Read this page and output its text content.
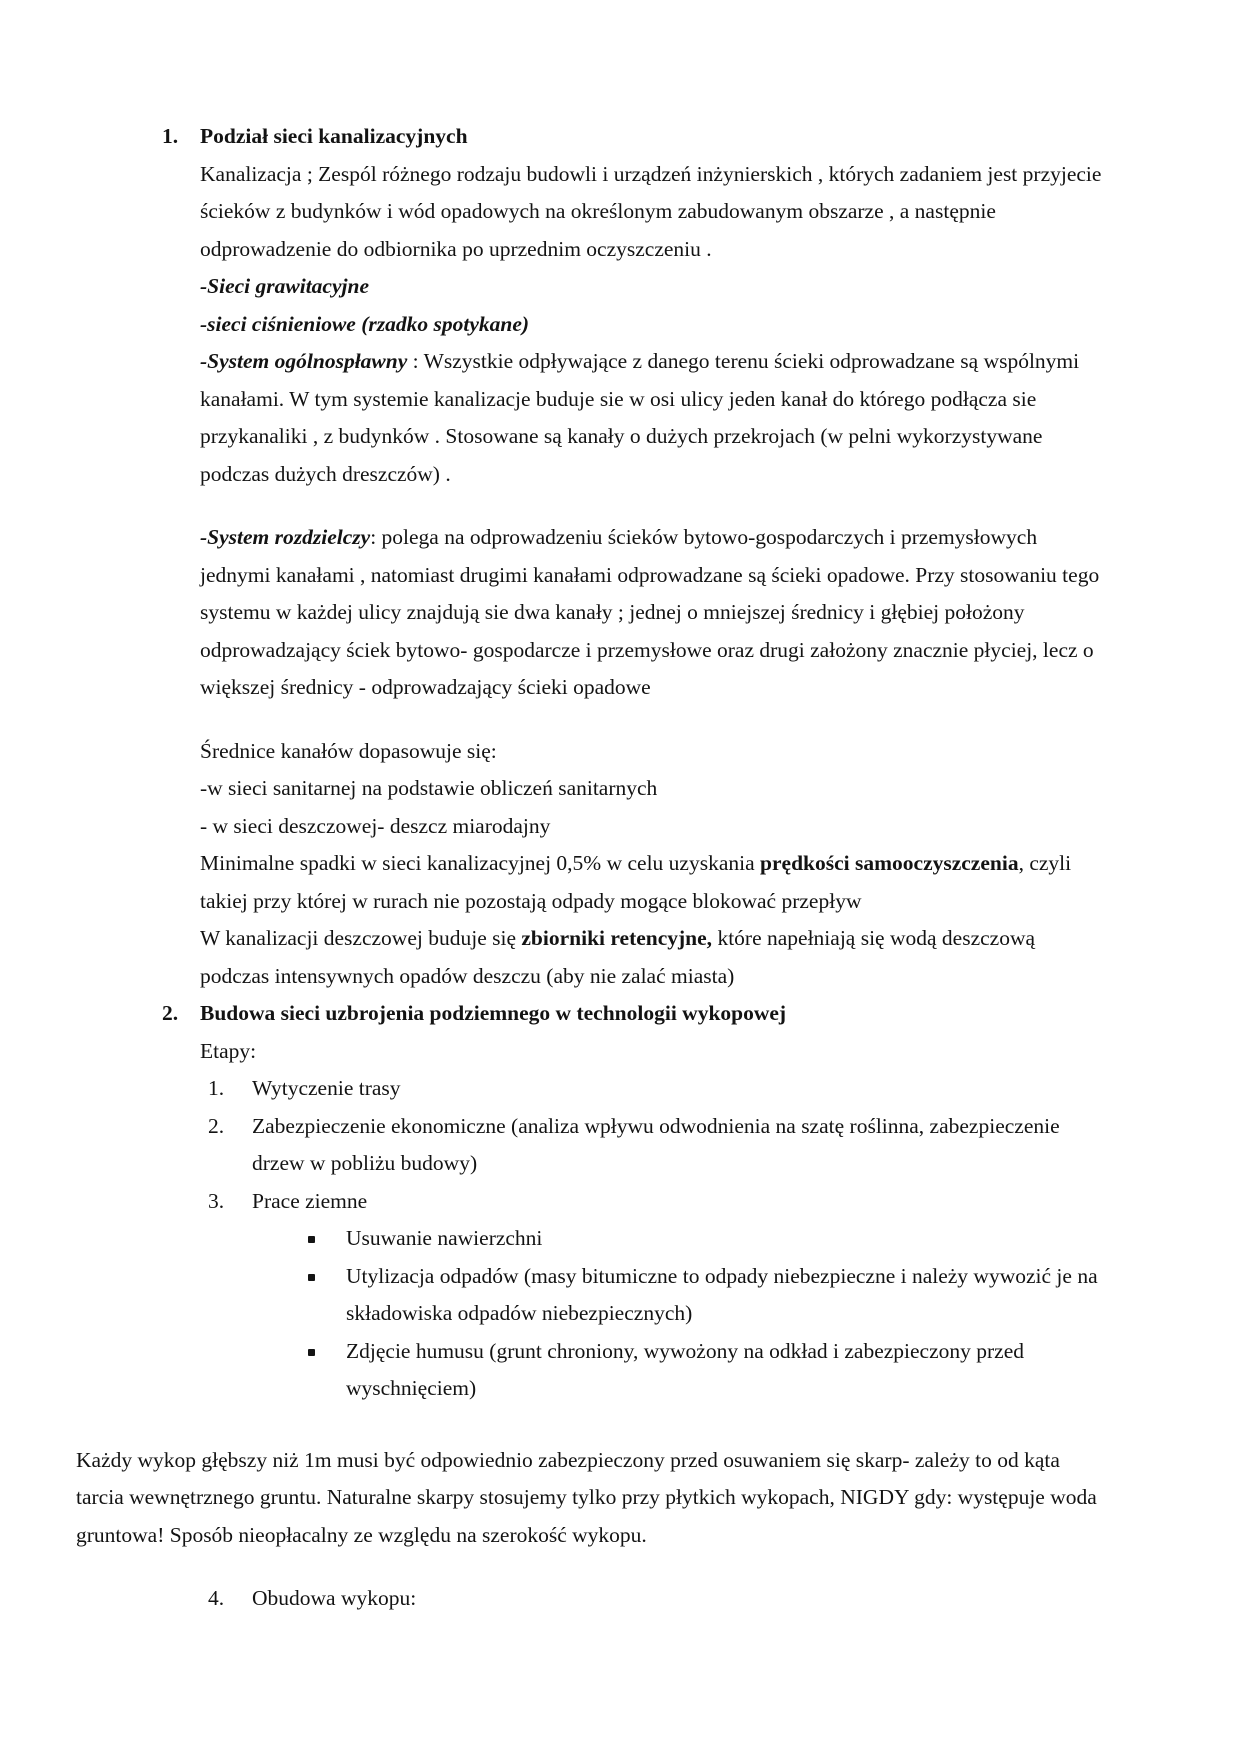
1. Podział sieci kanalizacyjnych

Kanalizacja ; Zespól różnego rodzaju budowli i urządzeń inżynierskich , których zadaniem jest przyjecie ścieków z budynków i wód opadowych na określonym zabudowanym obszarze , a następnie odprowadzenie do odbiornika po uprzednim oczyszczeniu .

-Sieci grawitacyjne

-sieci ciśnieniowe (rzadko spotykane)

-System ogólnospławny : Wszystkie odpływające z danego terenu ścieki odprowadzane są wspólnymi kanałami. W tym systemie kanalizacje buduje sie w osi ulicy jeden kanał do którego podłącza sie przykanaliki , z budynków . Stosowane są kanały o dużych przekrojach (w pelni wykorzystywane podczas dużych dreszczów) .

-System rozdzielczy: polega na odprowadzeniu ścieków bytowo-gospodarczych i przemysłowych jednymi kanałami , natomiast drugimi kanałami odprowadzane są ścieki opadowe. Przy stosowaniu tego systemu w każdej ulicy znajdują sie dwa kanały ; jednej o mniejszej średnicy i głębiej położony odprowadzający ściek bytowo- gospodarcze i przemysłowe oraz drugi założony znacznie płyciej, lecz o większej średnicy - odprowadzający ścieki opadowe

Średnice kanałów dopasowuje się:

-w sieci sanitarnej na podstawie obliczeń sanitarnych

- w sieci deszczowej- deszcz miarodajny

Minimalne spadki w sieci kanalizacyjnej 0,5% w celu uzyskania prędkości samooczyszczenia, czyli takiej przy której w rurach nie pozostają odpady mogące blokować przepływ

W kanalizacji deszczowej buduje się zbiorniki retencyjne, które napełniają się wodą deszczową podczas intensywnych opadów deszczu (aby nie zalać miasta)

2. Budowa sieci uzbrojenia podziemnego w technologii wykopowej

Etapy:

1.	Wytyczenie trasy
2.	Zabezpieczenie ekonomiczne (analiza wpływu odwodnienia na szatę roślinna, zabezpieczenie drzew w pobliżu budowy)
3.	Prace ziemne
Usuwanie nawierzchni
Utylizacja odpadów (masy bitumiczne to odpady niebezpieczne i należy wywozić je na składowiska odpadów niebezpiecznych)
Zdjęcie humusu (grunt chroniony, wywożony na odkład i zabezpieczony przed wyschnięciem)

Każdy wykop głębszy niż 1m musi być odpowiednio zabezpieczony przed osuwaniem się skarp- zależy to od kąta tarcia wewnętrznego gruntu. Naturalne skarpy stosujemy tylko przy płytkich wykopach, NIGDY gdy: występuje woda gruntowa! Sposób nieopłacalny ze względu na szerokość wykopu.

4.	Obudowa wykopu:
